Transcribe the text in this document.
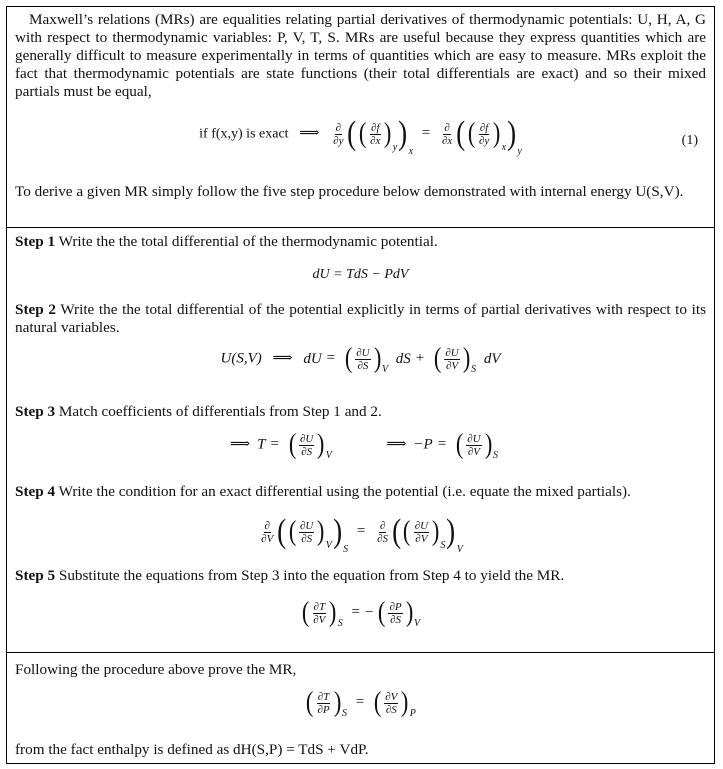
Maxwell’s relations (MRs) are equalities relating partial derivatives of thermodynamic potentials: U, H, A, G with respect to thermodynamic variables: P, V, T, S. MRs are useful because they express quantities which are generally difficult to measure experimentally in terms of quantities which are easy to measure. MRs exploit the fact that thermodynamic potentials are state functions (their total differentials are exact) and so their mixed partials must be equal,

if f(x,y) is exact ⟹ $\frac{\partial}{\partial y}$ ( ( $\frac{\partial f}{\partial x}$ ) y ) x
= $\frac{\partial}{\partial x}$ ( ( $\frac{\partial f}{\partial y}$ ) x ) y
(1)

To derive a given MR simply follow the five step procedure below demonstrated with internal energy U(S,V).

Step 1 Write the the total differential of the thermodynamic potential.

dU = TdS − PdV

Step 2 Write the the total differential of the potential explicitly in terms of partial derivatives with respect to its natural variables.

U(S,V) ⟹ dU = ( $\frac{\partial U}{\partial S}$ ) V
dS + ( $\frac{\partial U}{\partial V}$ ) S
dV

Step 3 Match coefficients of differentials from Step 1 and 2.

⟹ T = ( $\frac{\partial U}{\partial S}$ ) V
⟹ −P = ( $\frac{\partial U}{\partial V}$ ) S

Step 4 Write the condition for an exact differential using the potential (i.e. equate the mixed partials).

$\frac{\partial}{\partial V}$ ( ( $\frac{\partial U}{\partial S}$ ) V ) S
= $\frac{\partial}{\partial S}$ ( ( $\frac{\partial U}{\partial V}$ ) S ) V

Step 5 Substitute the equations from Step 3 into the equation from Step 4 to yield the MR.

( $\frac{\partial T}{\partial V}$ ) S
= − ( $\frac{\partial P}{\partial S}$ ) V

Following the procedure above prove the MR,

( $\frac{\partial T}{\partial P}$ ) S
= ( $\frac{\partial V}{\partial S}$ ) P

from the fact enthalpy is defined as dH(S,P) = TdS + VdP.
